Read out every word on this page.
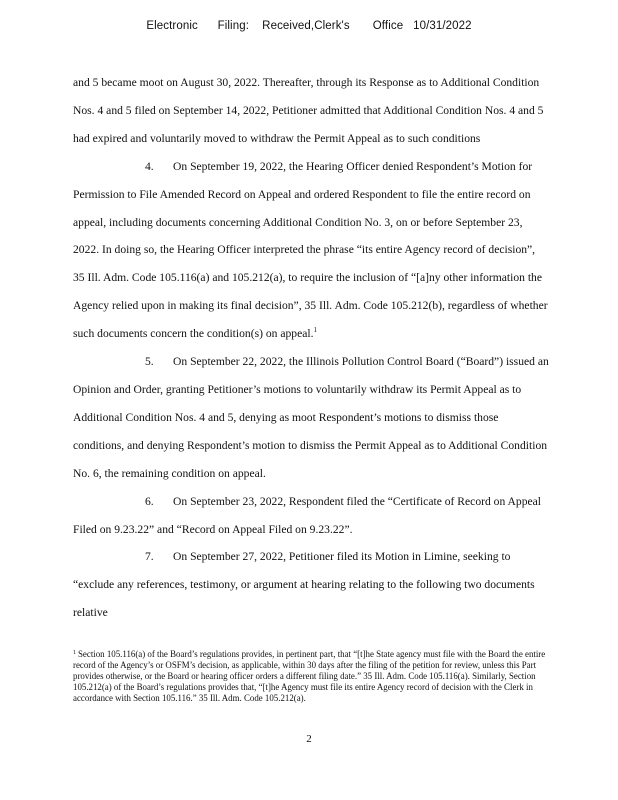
Electronic      Filing:    Received,Clerk's       Office   10/31/2022

and 5 became moot on August 30, 2022. Thereafter, through its Response as to Additional Condition Nos. 4 and 5 filed on September 14, 2022, Petitioner admitted that Additional Condition Nos. 4 and 5 had expired and voluntarily moved to withdraw the Permit Appeal as to such conditions

4. On September 19, 2022, the Hearing Officer denied Respondent’s Motion for Permission to File Amended Record on Appeal and ordered Respondent to file the entire record on appeal, including documents concerning Additional Condition No. 3, on or before September 23, 2022. In doing so, the Hearing Officer interpreted the phrase “its entire Agency record of decision”, 35 Ill. Adm. Code 105.116(a) and 105.212(a), to require the inclusion of “[a]ny other information the Agency relied upon in making its final decision”, 35 Ill. Adm. Code 105.212(b), regardless of whether such documents concern the condition(s) on appeal.$^1$

5. On September 22, 2022, the Illinois Pollution Control Board (“Board”) issued an Opinion and Order, granting Petitioner’s motions to voluntarily withdraw its Permit Appeal as to Additional Condition Nos. 4 and 5, denying as moot Respondent’s motions to dismiss those conditions, and denying Respondent’s motion to dismiss the Permit Appeal as to Additional Condition No. 6, the remaining condition on appeal.

6. On September 23, 2022, Respondent filed the “Certificate of Record on Appeal Filed on 9.23.22” and “Record on Appeal Filed on 9.23.22”.

7. On September 27, 2022, Petitioner filed its Motion in Limine, seeking to “exclude any references, testimony, or argument at hearing relating to the following two documents relative

$^1$ Section 105.116(a) of the Board’s regulations provides, in pertinent part, that “[t]he State agency must file with the Board the entire record of the Agency’s or OSFM’s decision, as applicable, within 30 days after the filing of the petition for review, unless this Part provides otherwise, or the Board or hearing officer orders a different filing date.” 35 Ill. Adm. Code 105.116(a). Similarly, Section 105.212(a) of the Board’s regulations provides that, “[t]he Agency must file its entire Agency record of decision with the Clerk in accordance with Section 105.116.” 35 Ill. Adm. Code 105.212(a).

2
